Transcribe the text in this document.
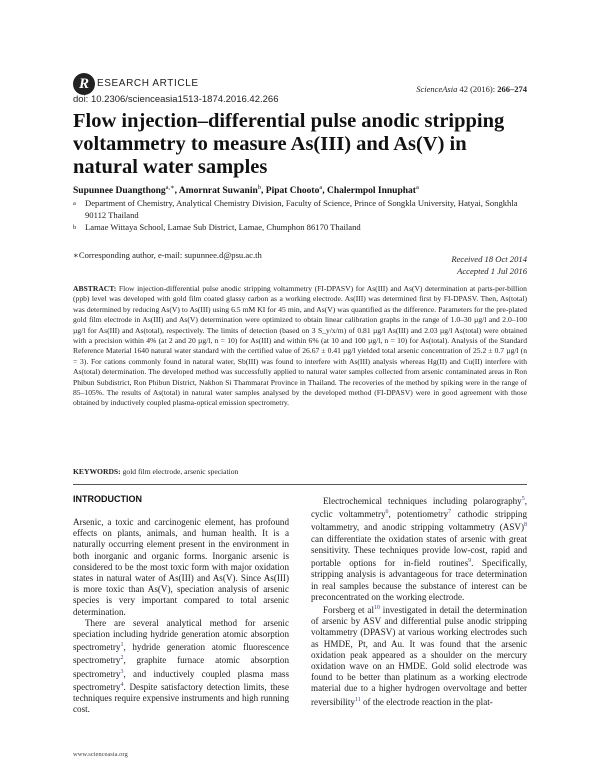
R ESEARCH ARTICLE
doi: 10.2306/scienceasia1513-1874.2016.42.266
ScienceAsia 42 (2016): 266–274
Flow injection–differential pulse anodic stripping voltammetry to measure As(III) and As(V) in natural water samples
Supunnee Duangthong$^{a,∗}$, Amornrat Suwanin$^b$, Pipat Chooto$^a$, Chalermpol Innuphat$^a$
a Department of Chemistry, Analytical Chemistry Division, Faculty of Science, Prince of Songkla University, Hatyai, Songkhla 90112 Thailand
b Lamae Wittaya School, Lamae Sub District, Lamae, Chumphon 86170 Thailand
∗Corresponding author, e-mail: supunnee.d@psu.ac.th	Received 18 Oct 2014
Accepted 1 Jul 2016
ABSTRACT: Flow injection-differential pulse anodic stripping voltammetry (FI-DPASV) for As(III) and As(V) determination at parts-per-billion (ppb) level was developed with gold film coated glassy carbon as a working electrode. As(III) was determined first by FI-DPASV. Then, As(total) was determined by reducing As(V) to As(III) using 6.5 mM KI for 45 min, and As(V) was quantified as the difference. Parameters for the pre-plated gold film electrode in As(III) and As(V) determination were optimized to obtain linear calibration graphs in the range of 1.0–30 µg/l and 2.0–100 µg/l for As(III) and As(total), respectively. The limits of detection (based on 3 S_y/x/m) of 0.81 µg/l As(III) and 2.03 µg/l As(total) were obtained with a precision within 4% (at 2 and 20 µg/l, n = 10) for As(III) and within 6% (at 10 and 100 µg/l, n = 10) for As(total). Analysis of the Standard Reference Material 1640 natural water standard with the certified value of 26.67 ± 0.41 µg/l yielded total arsenic concentration of 25.2 ± 0.7 µg/l (n = 3). For cations commonly found in natural water, Sb(III) was found to interfere with As(III) analysis whereas Hg(II) and Cu(II) interfere with As(total) determination. The developed method was successfully applied to natural water samples collected from arsenic contaminated areas in Ron Phibun Subdistrict, Ron Phibun District, Nakhon Si Thammarat Province in Thailand. The recoveries of the method by spiking were in the range of 85–105%. The results of As(total) in natural water samples analysed by the developed method (FI-DPASV) were in good agreement with those obtained by inductively coupled plasma-optical emission spectrometry.
KEYWORDS: gold film electrode, arsenic speciation
INTRODUCTION

Arsenic, a toxic and carcinogenic element, has profound effects on plants, animals, and human health. It is a naturally occurring element present in the environment in both inorganic and organic forms. Inorganic arsenic is considered to be the most toxic form with major oxidation states in natural water of As(III) and As(V). Since As(III) is more toxic than As(V), speciation analysis of arsenic species is very important compared to total arsenic determination.

There are several analytical method for arsenic speciation including hydride generation atomic absorption spectrometry$^1$, hydride generation atomic fluorescence spectrometry$^2$, graphite furnace atomic absorption spectrometry$^3$, and inductively coupled plasma mass spectrometry$^4$. Despite satisfactory detection limits, these techniques require expensive instruments and high running cost.

Electrochemical techniques including polarography$^5$, cyclic voltammetry$^6$, potentiometry$^7$ cathodic stripping voltammetry, and anodic stripping voltammetry (ASV)$^8$ can differentiate the oxidation states of arsenic with great sensitivity. These techniques provide low-cost, rapid and portable options for in-field routines$^9$. Specifically, stripping analysis is advantageous for trace determination in real samples because the substance of interest can be preconcentrated on the working electrode.

Forsberg et $al^{10}$ investigated in detail the determination of arsenic by ASV and differential pulse anodic stripping voltammetry (DPASV) at various working electrodes such as HMDE, Pt, and Au. It was found that the arsenic oxidation peak appeared as a shoulder on the mercury oxidation wave on an HMDE. Gold solid electrode was found to be better than platinum as a working electrode material due to a higher hydrogen overvoltage and better reversibility$^{11}$ of the electrode reaction in the plat-

www.scienceasia.org
